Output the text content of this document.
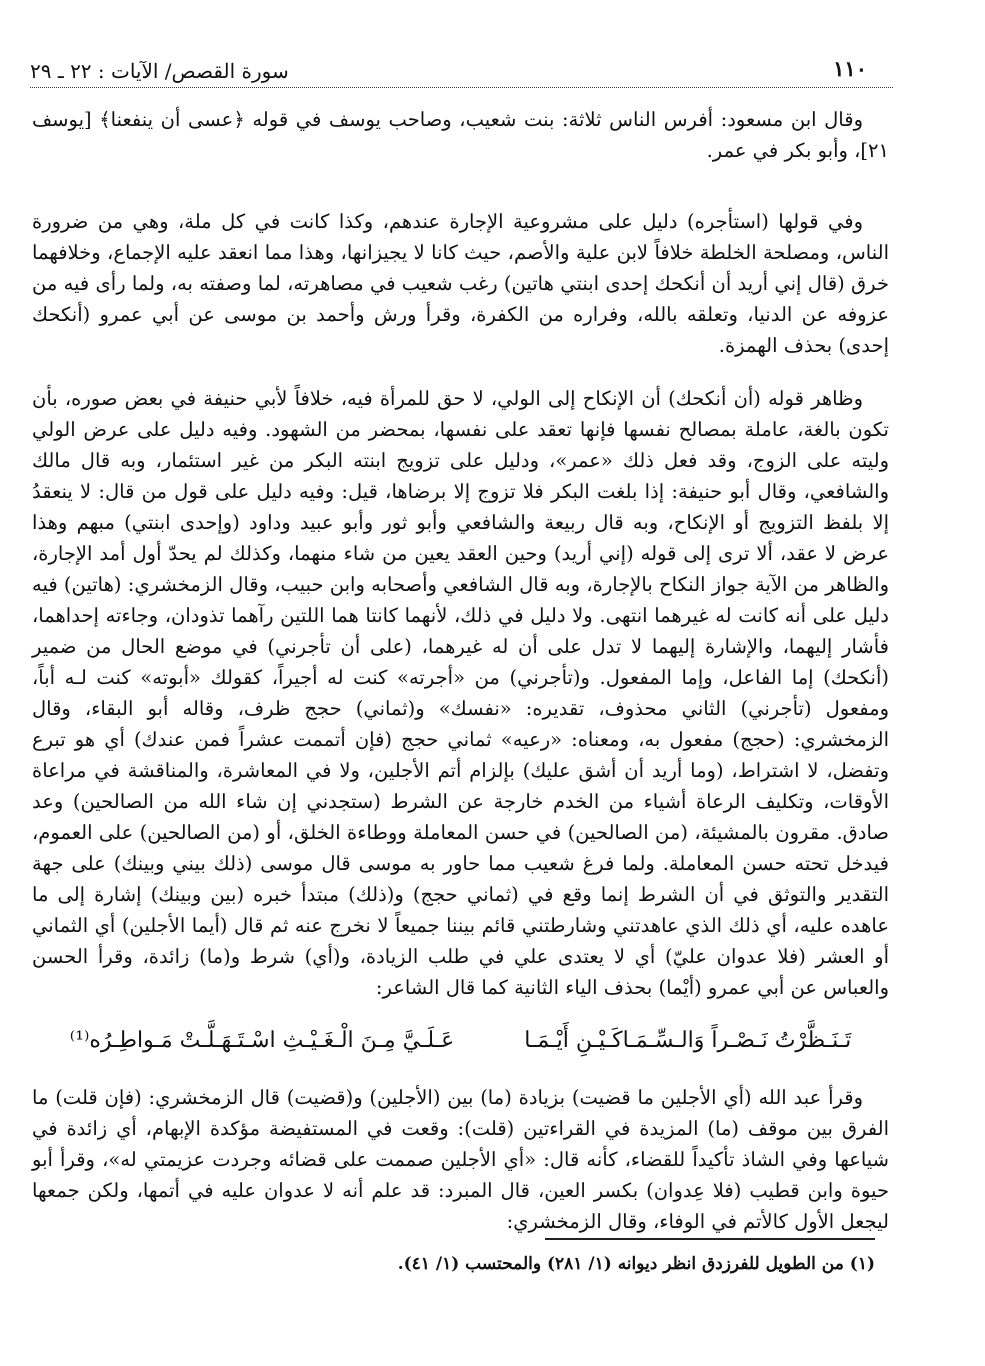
١١٠
سورة القصص/ الآيات : ٢٢ ـ ٢٩

وقال ابن مسعود: أفرس الناس ثلاثة: بنت شعيب، وصاحب يوسف في قوله ﴿عسى أن ينفعنا﴾ [يوسف ٢١]، وأبو بكر في عمر.

وفي قولها (استأجره) دليل على مشروعية الإجارة عندهم، وكذا كانت في كل ملة، وهي من ضرورة الناس، ومصلحة الخلطة خلافاً لابن علية والأصم، حيث كانا لا يجيزانها، وهذا مما انعقد عليه الإجماع، وخلافهما خرق (قال إني أريد أن أنكحك إحدى ابنتي هاتين) رغب شعيب في مصاهرته، لما وصفته به، ولما رأى فيه من عزوفه عن الدنيا، وتعلقه بالله، وفراره من الكفرة، وقرأ ورش وأحمد بن موسى عن أبي عمرو (أنكحك إحدى) بحذف الهمزة.

وظاهر قوله (أن أنكحك) أن الإنكاح إلى الولي، لا حق للمرأة فيه، خلافاً لأبي حنيفة في بعض صوره، بأن تكون بالغة، عاملة بمصالح نفسها فإنها تعقد على نفسها، بمحضر من الشهود. وفيه دليل على عرض الولي وليته على الزوج، وقد فعل ذلك «عمر»، ودليل على تزويج ابنته البكر من غير استئمار، وبه قال مالك والشافعي، وقال أبو حنيفة: إذا بلغت البكر فلا تزوج إلا برضاها، قيل: وفيه دليل على قول من قال: لا ينعقدُ إلا بلفظ التزويج أو الإنكاح، وبه قال ربيعة والشافعي وأبو ثور وأبو عبيد وداود (وإحدى ابنتي) مبهم وهذا عرض لا عقد، ألا ترى إلى قوله (إني أريد) وحين العقد يعين من شاء منهما، وكذلك لم يحدّ أول أمد الإجارة، والظاهر من الآية جواز النكاح بالإجارة، وبه قال الشافعي وأصحابه وابن حبيب، وقال الزمخشري: (هاتين) فيه دليل على أنه كانت له غيرهما انتهى. ولا دليل في ذلك، لأنهما كانتا هما اللتين رآهما تذودان، وجاءته إحداهما، فأشار إليهما، والإشارة إليهما لا تدل على أن له غيرهما، (على أن تأجرني) في موضع الحال من ضمير (أنكحك) إما الفاعل، وإما المفعول. و(تأجرني) من «أجرته» كنت له أجيراً، كقولك «أبوته» كنت لـه أباً، ومفعول (تأجرني) الثاني محذوف، تقديره: «نفسك» و(ثماني) حجج ظرف، وقاله أبو البقاء، وقال الزمخشري: (حجج) مفعول به، ومعناه: «رعيه» ثماني حجج (فإن أتممت عشراً فمن عندك) أي هو تبرع وتفضل، لا اشتراط، (وما أريد أن أشق عليك) بإلزام أتم الأجلين، ولا في المعاشرة، والمناقشة في مراعاة الأوقات، وتكليف الرعاة أشياء من الخدم خارجة عن الشرط (ستجدني إن شاء الله من الصالحين) وعد صادق. مقرون بالمشيئة، (من الصالحين) في حسن المعاملة ووطاءة الخلق، أو (من الصالحين) على العموم، فيدخل تحته حسن المعاملة. ولما فرغ شعيب مما حاور به موسى قال موسى (ذلك بيني وبينك) على جهة التقدير والتوثق في أن الشرط إنما وقع في (ثماني حجج) و(ذلك) مبتدأ خبره (بين وبينك) إشارة إلى ما عاهده عليه، أي ذلك الذي عاهدتني وشارطتني قائم بيننا جميعاً لا نخرج عنه ثم قال (أيما الأجلين) أي الثماني أو العشر (فلا عدوان عليّ) أي لا يعتدى علي في طلب الزيادة، و(أي) شرط و(ما) زائدة، وقرأ الحسن والعباس عن أبي عمرو (أيْما) بحذف الياء الثانية كما قال الشاعر:

تَـنَـظَّرْتُ نَـصْـراً وَالـسِّـمَـاكَـيْـنِ أَيْـمَـا
عَـلَـيَّ مِـنَ الْـغَـيْـثِ اسْـتَـهَـلَّـتْ مَـواطِـرُه⁽¹⁾

وقرأ عبد الله (أي الأجلين ما قضيت) بزيادة (ما) بين (الأجلين) و(قضيت) قال الزمخشري: (فإن قلت) ما الفرق بين موقف (ما) المزيدة في القراءتين (قلت): وقعت في المستفيضة مؤكدة الإبهام، أي زائدة في شياعها وفي الشاذ تأكيداً للقضاء، كأنه قال: «أي الأجلين صممت على قضائه وجردت عزيمتي له»، وقرأ أبو حيوة وابن قطيب (فلا عِدوان) بكسر العين، قال المبرد: قد علم أنه لا عدوان عليه في أتمها، ولكن جمعها ليجعل الأول كالأتم في الوفاء، وقال الزمخشري:

(١) من الطويل للفرزدق انظر ديوانه (١/ ٢٨١) والمحتسب (١/ ٤١).
